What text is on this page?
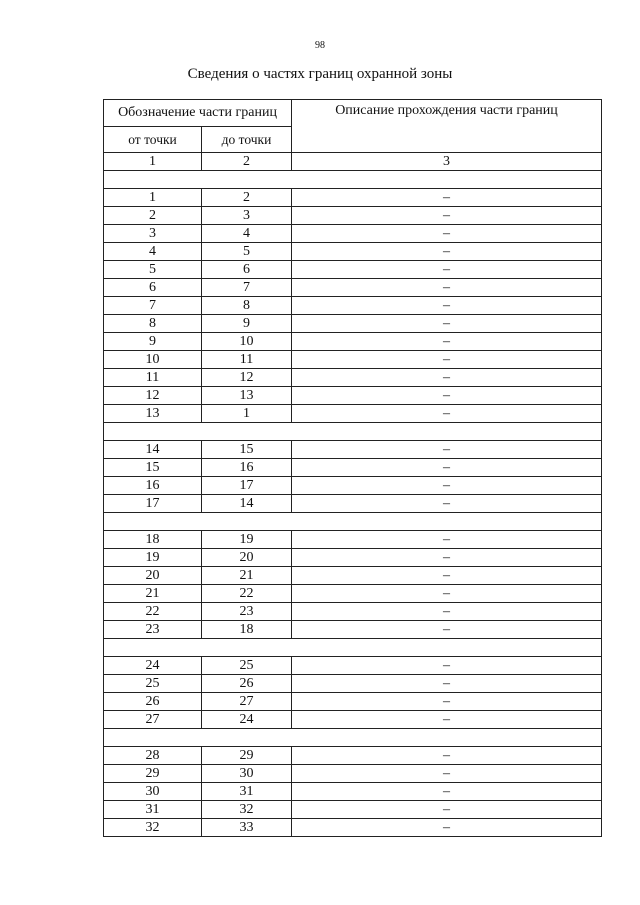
98
Сведения о частях границ охранной зоны
Обозначение части границ		Описание прохождения части границ
от точки	до точки	
1	2	3

1	2	–
2	3	–
3	4	–
4	5	–
5	6	–
6	7	–
7	8	–
8	9	–
9	10	–
10	11	–
11	12	–
12	13	–
13	1	–

14	15	–
15	16	–
16	17	–
17	14	–

18	19	–
19	20	–
20	21	–
21	22	–
22	23	–
23	18	–

24	25	–
25	26	–
26	27	–
27	24	–

28	29	–
29	30	–
30	31	–
31	32	–
32	33	–
